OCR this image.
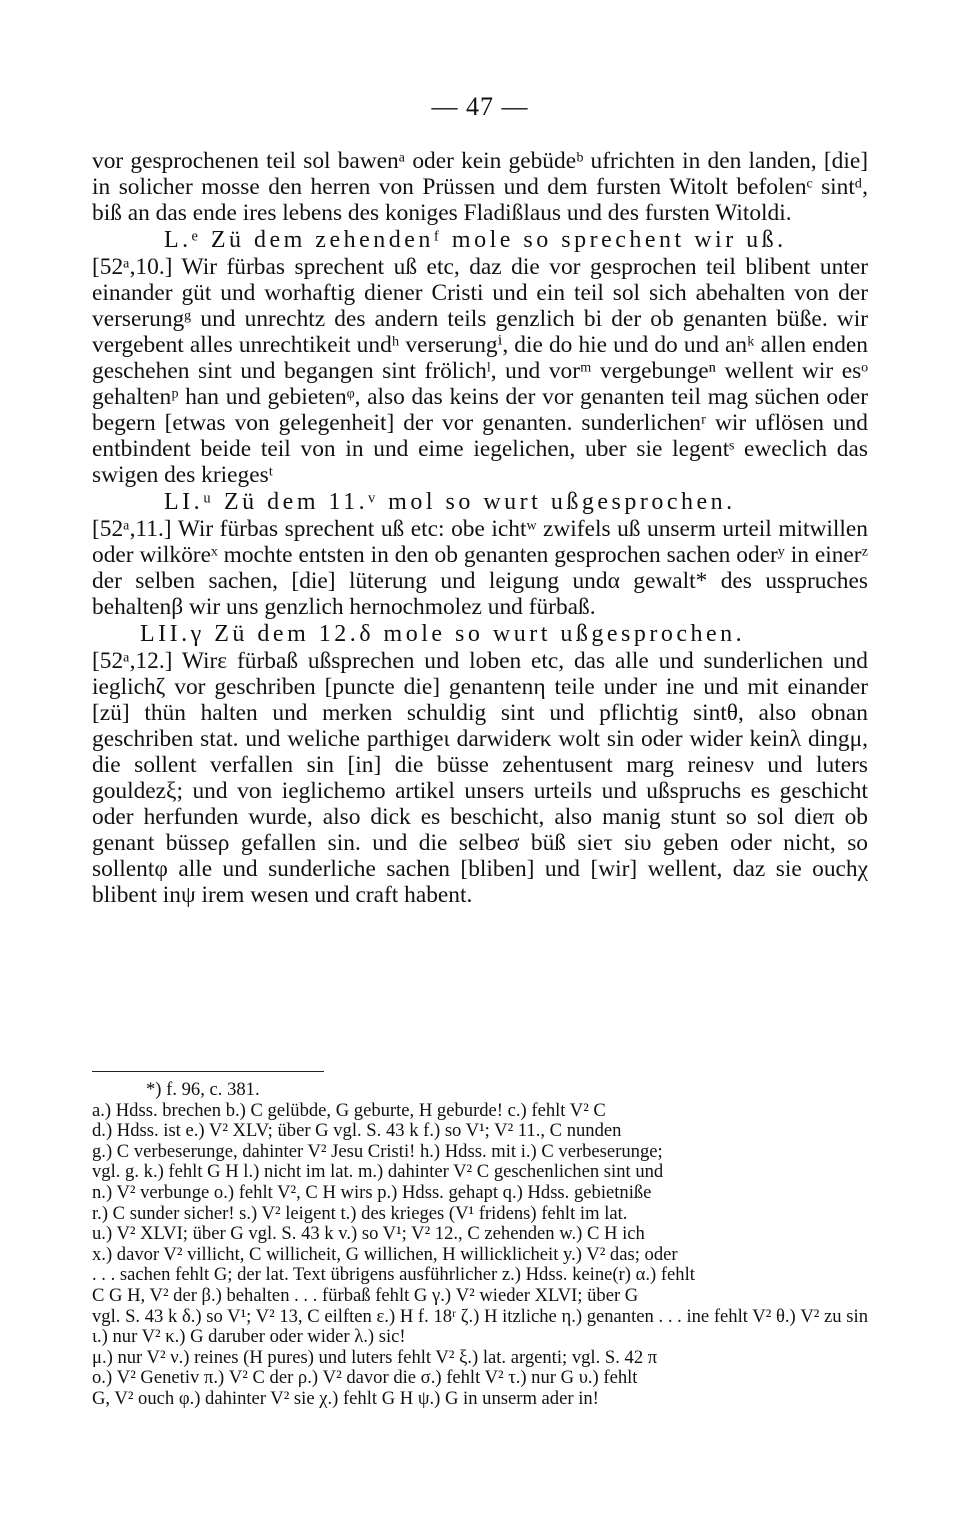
— 47 —

vor gesprochenen teil sol bawenᵃ oder kein gebüdeᵇ ufrichten in den landen, [die] in solicher mosse den herren von Prüssen und dem fursten Witolt befolenᶜ sintᵈ, biß an das ende ires lebens des koniges Fladißlaus und des fursten Witoldi.

L.ᵉ Zü dem zehendenᶠ mole so sprechent wir uß.

[52ᵃ,10.] Wir fürbas sprechent uß etc, daz die vor gesprochen teil blibent unter einander güt und worhaftig diener Cristi und ein teil sol sich abehalten von der verserungᵍ und unrechtz des andern teils genzlich bi der ob genanten büße. wir vergebent alles unrechtikeit undʰ verserungⁱ, die do hie und do und anᵏ allen enden geschehen sint und begangen sint frölichˡ, und vorᵐ vergebungeⁿ wellent wir esᵒ gehaltenᵖ han und gebietenᵠ, also das keins der vor genanten teil mag süchen oder begern [etwas von gelegenheit] der vor genanten. sunderlichenʳ wir uflösen und entbindent beide teil von in und eime iegelichen, uber sie legentˢ eweclich das swigen des kriegesᵗ

LI.ᵘ Zü dem 11.ᵛ mol so wurt ußgesprochen.

[52ᵃ,11.] Wir fürbas sprechent uß etc: obe ichtʷ zwifels uß unserm urteil mitwillen oder wilköreˣ mochte entsten in den ob genanten gesprochen sachen oderʸ in einerᶻ der selben sachen, [die] lüterung und leigung undα gewalt* des usspruches behaltenβ wir uns genzlich hernochmolez und fürbaß.

LII.γ Zü dem 12.δ mole so wurt ußgesprochen.

[52ᵃ,12.] Wirε fürbaß ußsprechen und loben etc, das alle und sunderlichen und ieglichζ vor geschriben [puncte die] genantenη teile under ine und mit einander [zü] thün halten und merken schuldig sint und pflichtig sintθ, also obnan geschriben stat. und weliche parthigeι darwiderκ wolt sin oder wider keinλ dingμ, die sollent verfallen sin [in] die büsse zehentusent marg reinesν und luters gouldezξ; und von ieglichemο artikel unsers urteils und ußspruchs es geschicht oder herfunden wurde, also dick es beschicht, also manig stunt so sol dieπ ob genant büsseρ gefallen sin. und die selbeσ büß sieτ siυ geben oder nicht, so sollentφ alle und sunderliche sachen [bliben] und [wir] wellent, daz sie ouchχ blibent inψ irem wesen und craft habent.

*) f. 96, c. 381.

a.) Hdss. brechen b.) C gelübde, G geburte, H geburde! c.) fehlt V² C

d.) Hdss. ist e.) V² XLV; über G vgl. S. 43 k f.) so V¹; V² 11., C nunden

g.) C verbeserunge, dahinter V² Jesu Cristi! h.) Hdss. mit i.) C verbeserunge;

vgl. g. k.) fehlt G H l.) nicht im lat. m.) dahinter V² C geschenlichen sint und

n.) V² verbunge o.) fehlt V², C H wirs p.) Hdss. gehapt q.) Hdss. gebietniße

r.) C sunder sicher! s.) V² leigent t.) des krieges (V¹ fridens) fehlt im lat.

u.) V² XLVI; über G vgl. S. 43 k v.) so V¹; V² 12., C zehenden w.) C H ich

x.) davor V² villicht, C willicheit, G willichen, H willicklicheit y.) V² das; oder

. . . sachen fehlt G; der lat. Text übrigens ausführlicher z.) Hdss. keine(r) α.) fehlt

C G H, V² der β.) behalten . . . fürbaß fehlt G γ.) V² wieder XLVI; über G

vgl. S. 43 k δ.) so V¹; V² 13, C eilften ε.) H f. 18ʳ ζ.) H itzliche η.) genanten . . . ine fehlt V² θ.) V² zu sin ι.) nur V² κ.) G daruber oder wider λ.) sic!

μ.) nur V² ν.) reines (H pures) und luters fehlt V² ξ.) lat. argenti; vgl. S. 42 π

ο.) V² Genetiv π.) V² C der ρ.) V² davor die σ.) fehlt V² τ.) nur G υ.) fehlt

G, V² ouch φ.) dahinter V² sie χ.) fehlt G H ψ.) G in unserm ader in!
